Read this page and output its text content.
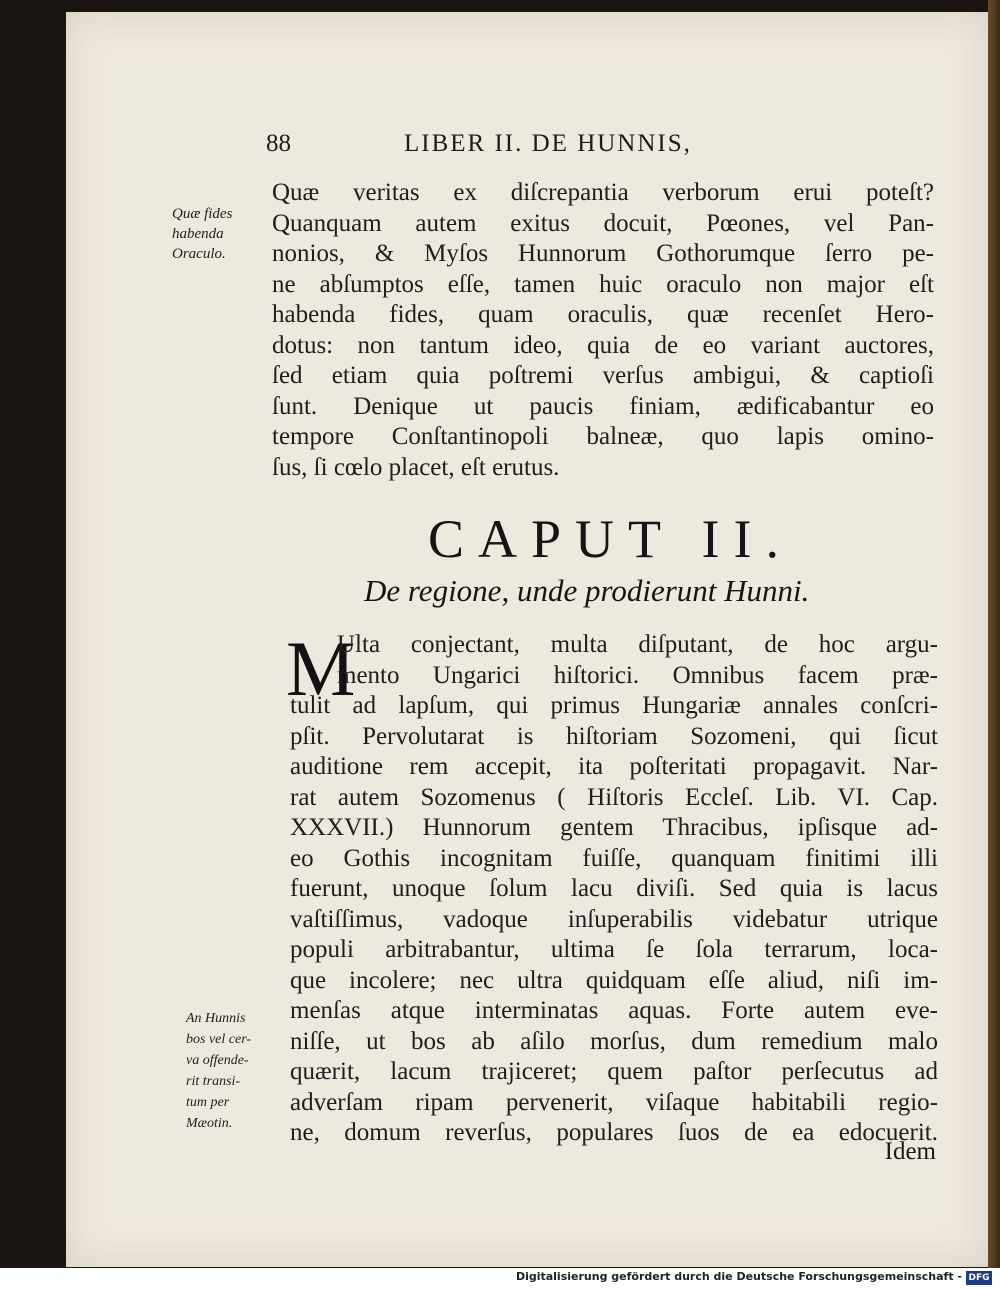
88	LIBER II. DE HUNNIS,
Quæ fides
habenda
Oraculo.
Quæ veritas ex diſcrepantia verborum erui poteſt?
Quanquam autem exitus docuit, Pœones, vel Pan-
nonios, & Myſos Hunnorum Gothorumque ſerro pe-
ne abſumptos eſſe, tamen huic oraculo non major eſt
habenda fides, quam oraculis, quæ recenſet Hero-
dotus: non tantum ideo, quia de eo variant auctores,
ſed etiam quia poſtremi verſus ambigui, & captioſi
ſunt. Denique ut paucis finiam, ædificabantur eo
tempore Conſtantinopoli balneæ, quo lapis omino-
ſus, ſi cœlo placet, eſt erutus.
CAPUT II.
De regione, unde prodierunt Hunni.
M
Ulta conjectant, multa diſputant, de hoc argu-
mento Ungarici hiſtorici. Omnibus facem præ-
tulit ad lapſum, qui primus Hungariæ annales conſcri-
pſit. Pervolutarat is hiſtoriam Sozomeni, qui ſicut
auditione rem accepit, ita poſteritati propagavit. Nar-
rat autem Sozomenus ( Hiſtoris Eccleſ. Lib. VI. Cap.
XXXVII.) Hunnorum gentem Thracibus, ipſisque ad-
eo Gothis incognitam fuiſſe, quanquam finitimi illi
fuerunt, unoque ſolum lacu diviſi. Sed quia is lacus
vaſtiſſimus, vadoque inſuperabilis videbatur utrique
populi arbitrabantur, ultima ſe ſola terrarum, loca-
que incolere; nec ultra quidquam eſſe aliud, niſi im-
menſas atque interminatas aquas. Forte autem eve-
niſſe, ut bos ab aſilo morſus, dum remedium malo
quærit, lacum trajiceret; quem paſtor perſecutus ad
adverſam ripam pervenerit, viſaque habitabili regio-
ne, domum reverſus, populares ſuos de ea edocuerit.
An Hunnis
bos vel cer-
va offende-
rit transi-
tum per
Mæotin.
Idem
Digitalisierung gefördert durch die Deutsche Forschungsgemeinschaft - DFG
